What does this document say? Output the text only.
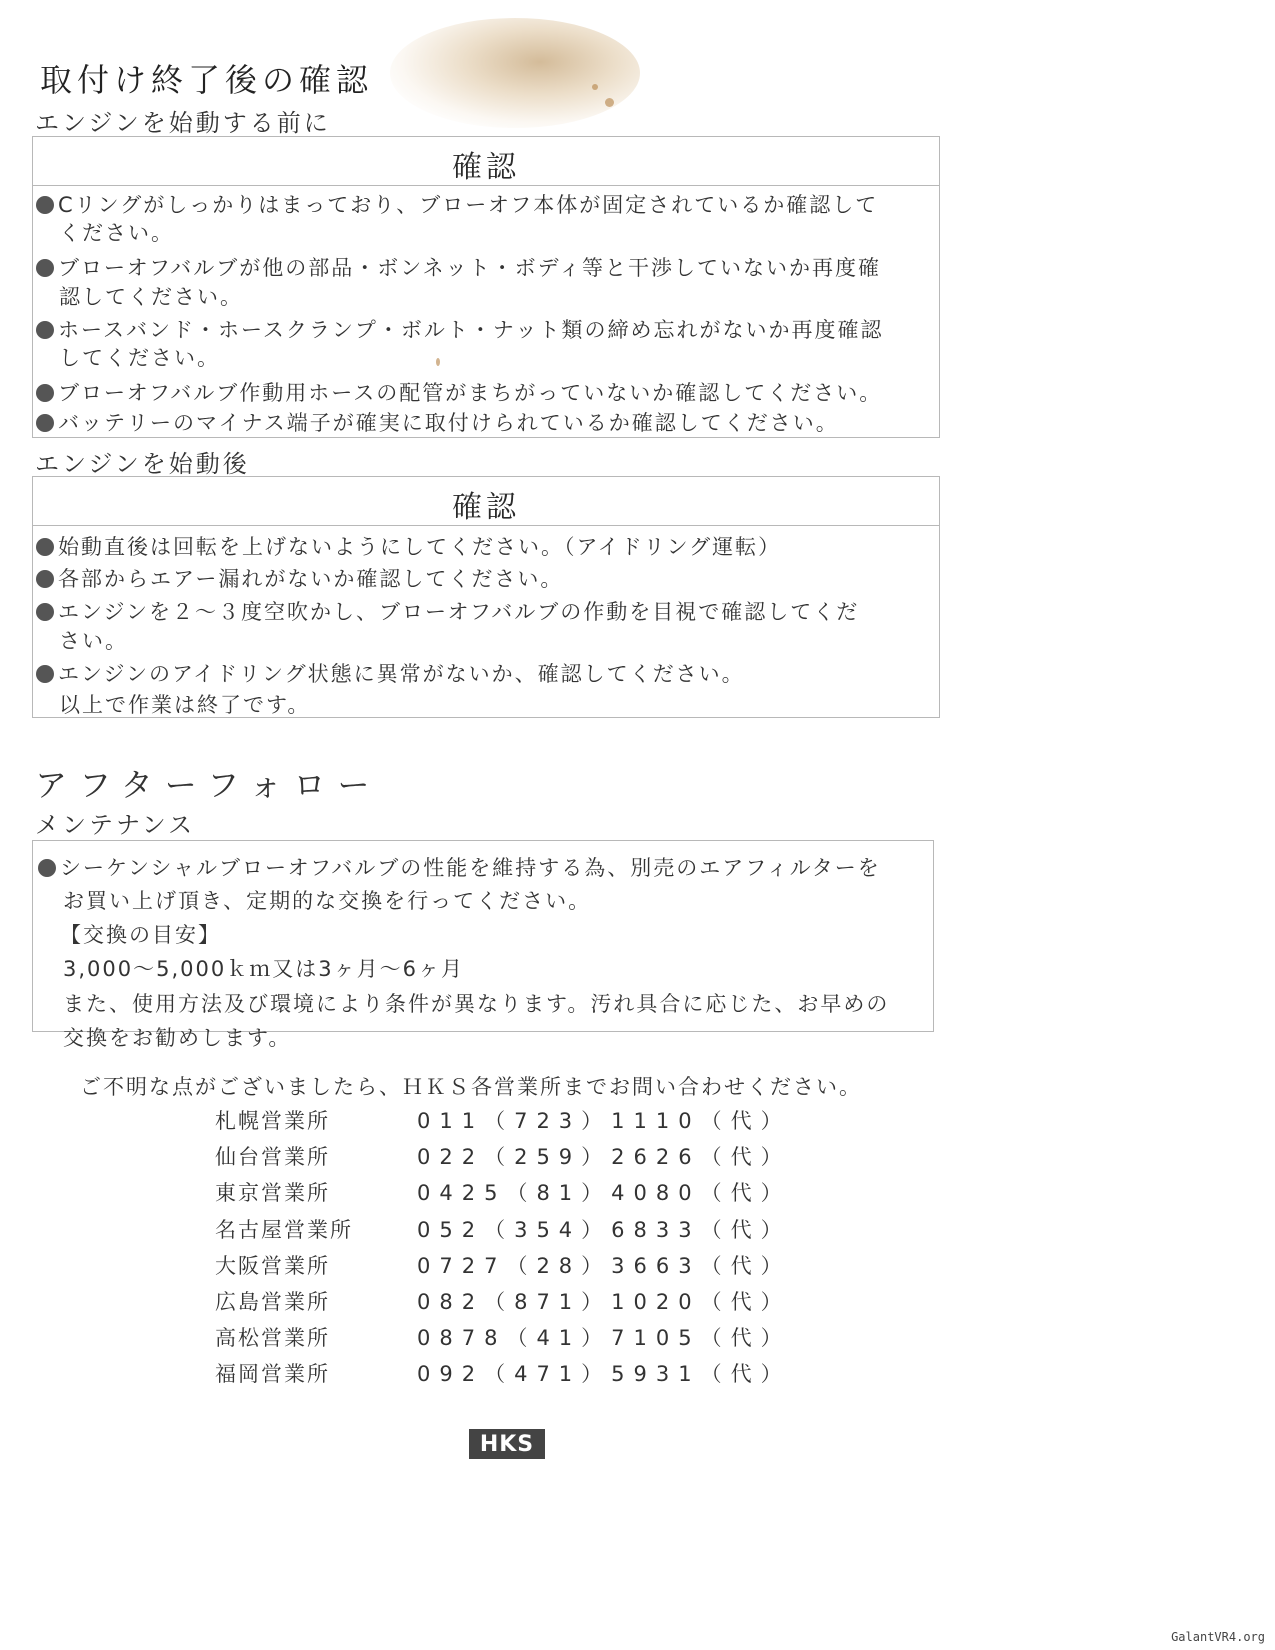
取付け終了後の確認
エンジンを始動する前に
確認
Cリングがしっかりはまっており、ブローオフ本体が固定されているか確認して
ください。
ブローオフバルブが他の部品・ボンネット・ボディ等と干渉していないか再度確
認してください。
ホースバンド・ホースクランプ・ボルト・ナット類の締め忘れがないか再度確認
してください。
ブローオフバルブ作動用ホースの配管がまちがっていないか確認してください。
バッテリーのマイナス端子が確実に取付けられているか確認してください。
エンジンを始動後
確認
始動直後は回転を上げないようにしてください。（アイドリング運転）
各部からエアー漏れがないか確認してください。
エンジンを２～３度空吹かし、ブローオフバルブの作動を目視で確認してくだ
さい。
エンジンのアイドリング状態に異常がないか、確認してください。
以上で作業は終了です。
アフターフォロー
メンテナンス
シーケンシャルブローオフバルブの性能を維持する為、別売のエアフィルターを
お買い上げ頂き、定期的な交換を行ってください。
【交換の目安】
3,000～5,000ｋｍ又は3ヶ月～6ヶ月
また、使用方法及び環境により条件が異なります。汚れ具合に応じた、お早めの
交換をお勧めします。
ご不明な点がございましたら、ＨＫＳ各営業所までお問い合わせください。
札幌営業所	011（723）1110（代）
仙台営業所	022（259）2626（代）
東京営業所	0425（81）4080（代）
名古屋営業所	052（354）6833（代）
大阪営業所	0727（28）3663（代）
広島営業所	082（871）1020（代）
高松営業所	0878（41）7105（代）
福岡営業所	092（471）5931（代）
HKS
GalantVR4.org
